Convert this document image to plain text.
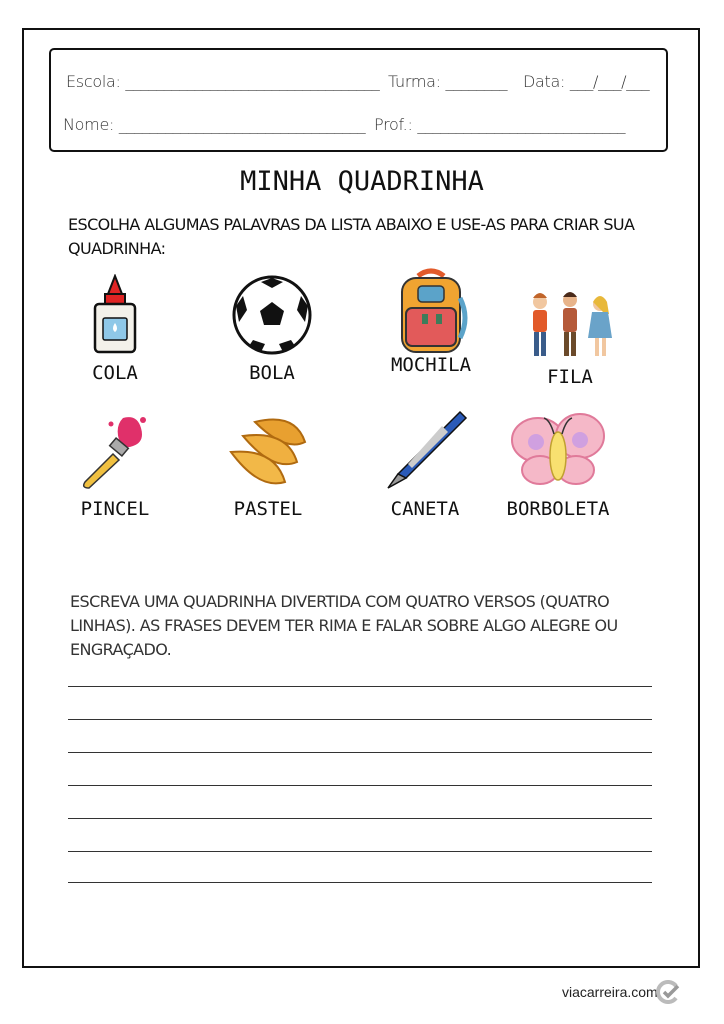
Escola: _________________________________ Turma: ________ Data: ___/___/___
Nome: ________________________________ Prof.: ___________________________
MINHA QUADRINHA
ESCOLHA ALGUMAS PALAVRAS DA LISTA ABAIXO E USE-AS PARA CRIAR SUA QUADRINHA:
COLA	BOLA	MOCHILA
FILA
PINCEL	PASTEL	CANETA	BORBOLETA
ESCREVA UMA QUADRINHA DIVERTIDA COM QUATRO VERSOS (QUATRO LINHAS). AS FRASES DEVEM TER RIMA E FALAR SOBRE ALGO ALEGRE OU ENGRAÇADO.
viacarreira.com
